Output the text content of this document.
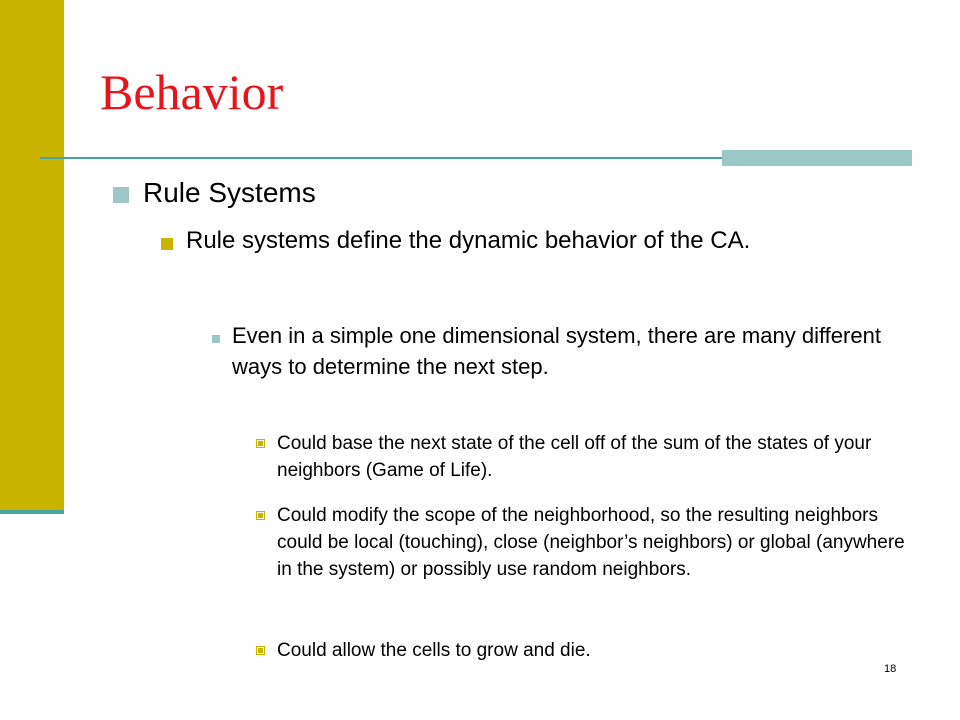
Behavior
Rule Systems
Rule systems define the dynamic behavior of the CA.
Even in a simple one dimensional system, there are many different ways to determine the next step.
Could base the next state of the cell off of the sum of the states of your neighbors (Game of Life).
Could modify the scope of the neighborhood, so the resulting neighbors could be local (touching), close (neighbor’s neighbors) or global (anywhere in the system) or possibly use random neighbors.
Could allow the cells to grow and die.
18
